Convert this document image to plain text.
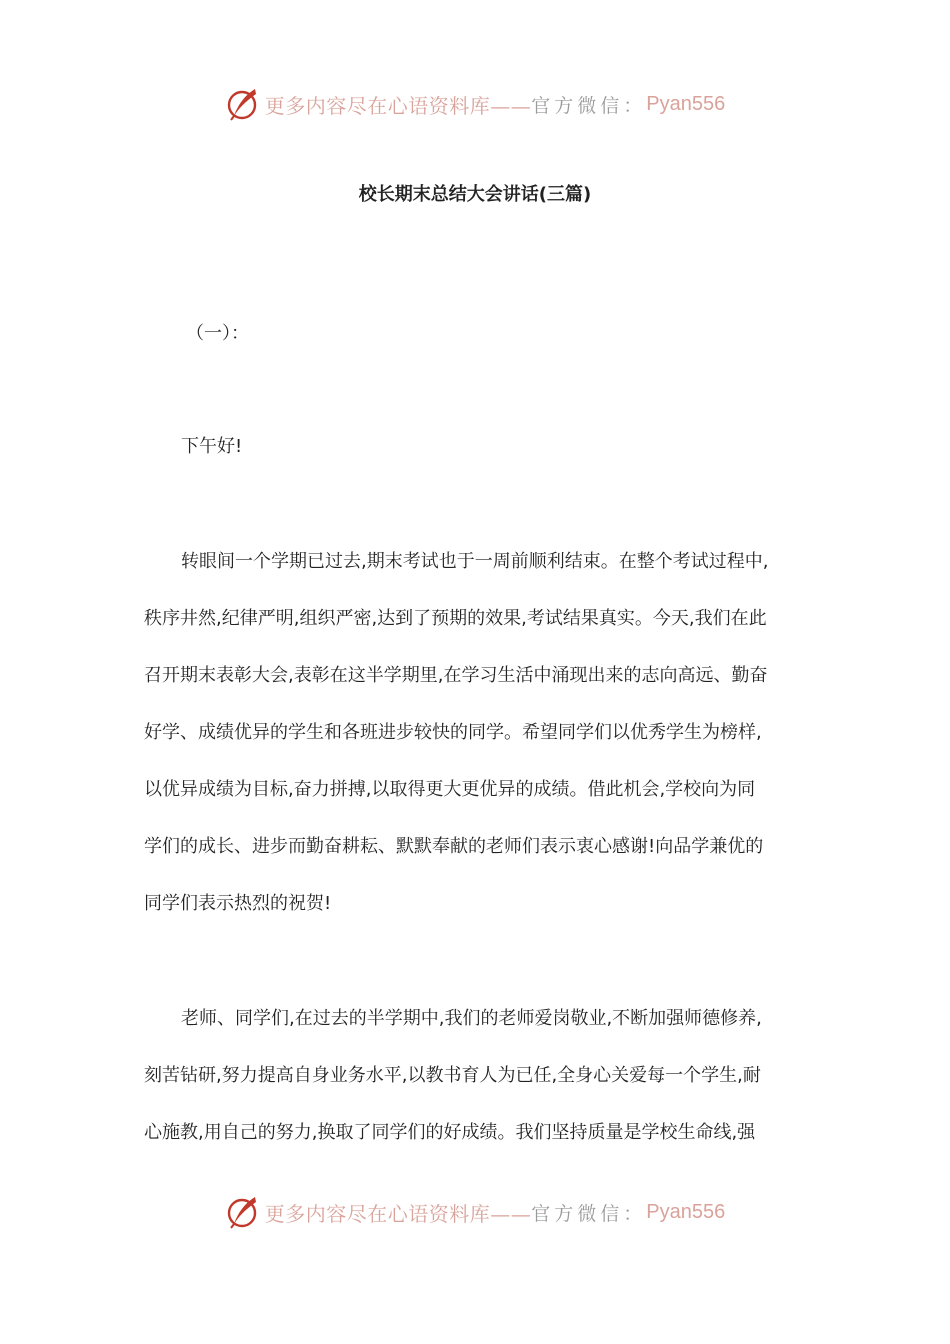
更多内容尽在心语资料库—— 官方微信： Pyan556
校长期末总结大会讲话(三篇)
（一）：
下午好!
转眼间一个学期已过去,期末考试也于一周前顺利结束。在整个考试过程中,
秩序井然,纪律严明,组织严密,达到了预期的效果,考试结果真实。今天,我们在此
召开期末表彰大会,表彰在这半学期里,在学习生活中涌现出来的志向高远、勤奋
好学、成绩优异的学生和各班进步较快的同学。希望同学们以优秀学生为榜样,
以优异成绩为目标,奋力拼搏,以取得更大更优异的成绩。借此机会,学校向为同
学们的成长、进步而勤奋耕耘、默默奉献的老师们表示衷心感谢!向品学兼优的
同学们表示热烈的祝贺!
老师、同学们,在过去的半学期中,我们的老师爱岗敬业,不断加强师德修养,
刻苦钻研,努力提高自身业务水平,以教书育人为已任,全身心关爱每一个学生,耐
心施教,用自己的努力,换取了同学们的好成绩。我们坚持质量是学校生命线,强
更多内容尽在心语资料库—— 官方微信： Pyan556
